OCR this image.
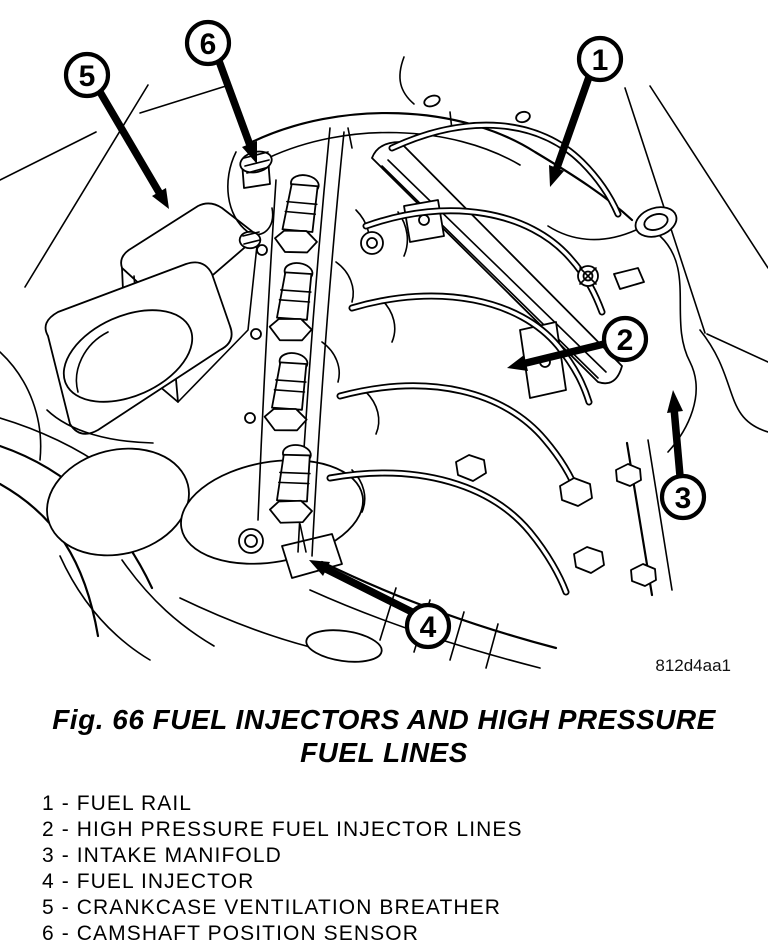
812d4aa1
1
2
3
4
5
6
Fig. 66 FUEL INJECTORS AND HIGH PRESSURE
FUEL LINES
1 - FUEL RAIL
2 - HIGH PRESSURE FUEL INJECTOR LINES
3 - INTAKE MANIFOLD
4 - FUEL INJECTOR
5 - CRANKCASE VENTILATION BREATHER
6 - CAMSHAFT POSITION SENSOR
